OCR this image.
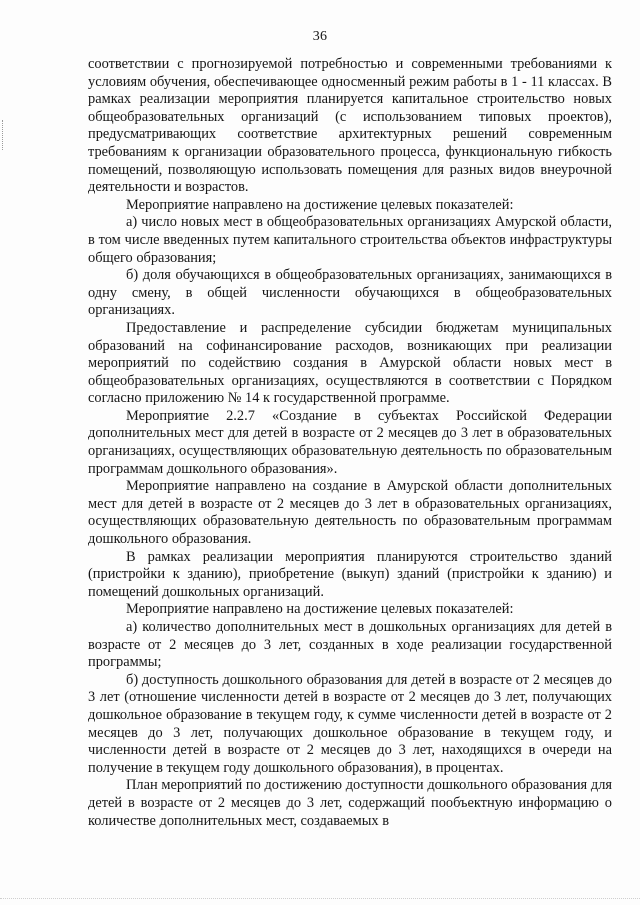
36

соответствии с прогнозируемой потребностью и современными требованиями к условиям обучения, обеспечивающее односменный режим работы в 1 - 11 классах. В рамках реализации мероприятия планируется капитальное строительство новых общеобразовательных организаций (с использованием типовых проектов), предусматривающих соответствие архитектурных решений современным требованиям к организации образовательного процесса, функциональную гибкость помещений, позволяющую использовать помещения для разных видов внеурочной деятельности и возрастов.

Мероприятие направлено на достижение целевых показателей:

а) число новых мест в общеобразовательных организациях Амурской области, в том числе введенных путем капитального строительства объектов инфраструктуры общего образования;

б) доля обучающихся в общеобразовательных организациях, занимающихся в одну смену, в общей численности обучающихся в общеобразовательных организациях.

Предоставление и распределение субсидии бюджетам муниципальных образований на софинансирование расходов, возникающих при реализации мероприятий по содействию создания в Амурской области новых мест в общеобразовательных организациях, осуществляются в соответствии с Порядком согласно приложению № 14 к государственной программе.

Мероприятие 2.2.7 «Создание в субъектах Российской Федерации дополнительных мест для детей в возрасте от 2 месяцев до 3 лет в образовательных организациях, осуществляющих образовательную деятельность по образовательным программам дошкольного образования».

Мероприятие направлено на создание в Амурской области дополнительных мест для детей в возрасте от 2 месяцев до 3 лет в образовательных организациях, осуществляющих образовательную деятельность по образовательным программам дошкольного образования.

В рамках реализации мероприятия планируются строительство зданий (пристройки к зданию), приобретение (выкуп) зданий (пристройки к зданию) и помещений дошкольных организаций.

Мероприятие направлено на достижение целевых показателей:

а) количество дополнительных мест в дошкольных организациях для детей в возрасте от 2 месяцев до 3 лет, созданных в ходе реализации государственной программы;

б) доступность дошкольного образования для детей в возрасте от 2 месяцев до 3 лет (отношение численности детей в возрасте от 2 месяцев до 3 лет, получающих дошкольное образование в текущем году, к сумме численности детей в возрасте от 2 месяцев до 3 лет, получающих дошкольное образование в текущем году, и численности детей в возрасте от 2 месяцев до 3 лет, находящихся в очереди на получение в текущем году дошкольного образования), в процентах.

План мероприятий по достижению доступности дошкольного образования для детей в возрасте от 2 месяцев до 3 лет, содержащий пообъектную информацию о количестве дополнительных мест, создаваемых в
